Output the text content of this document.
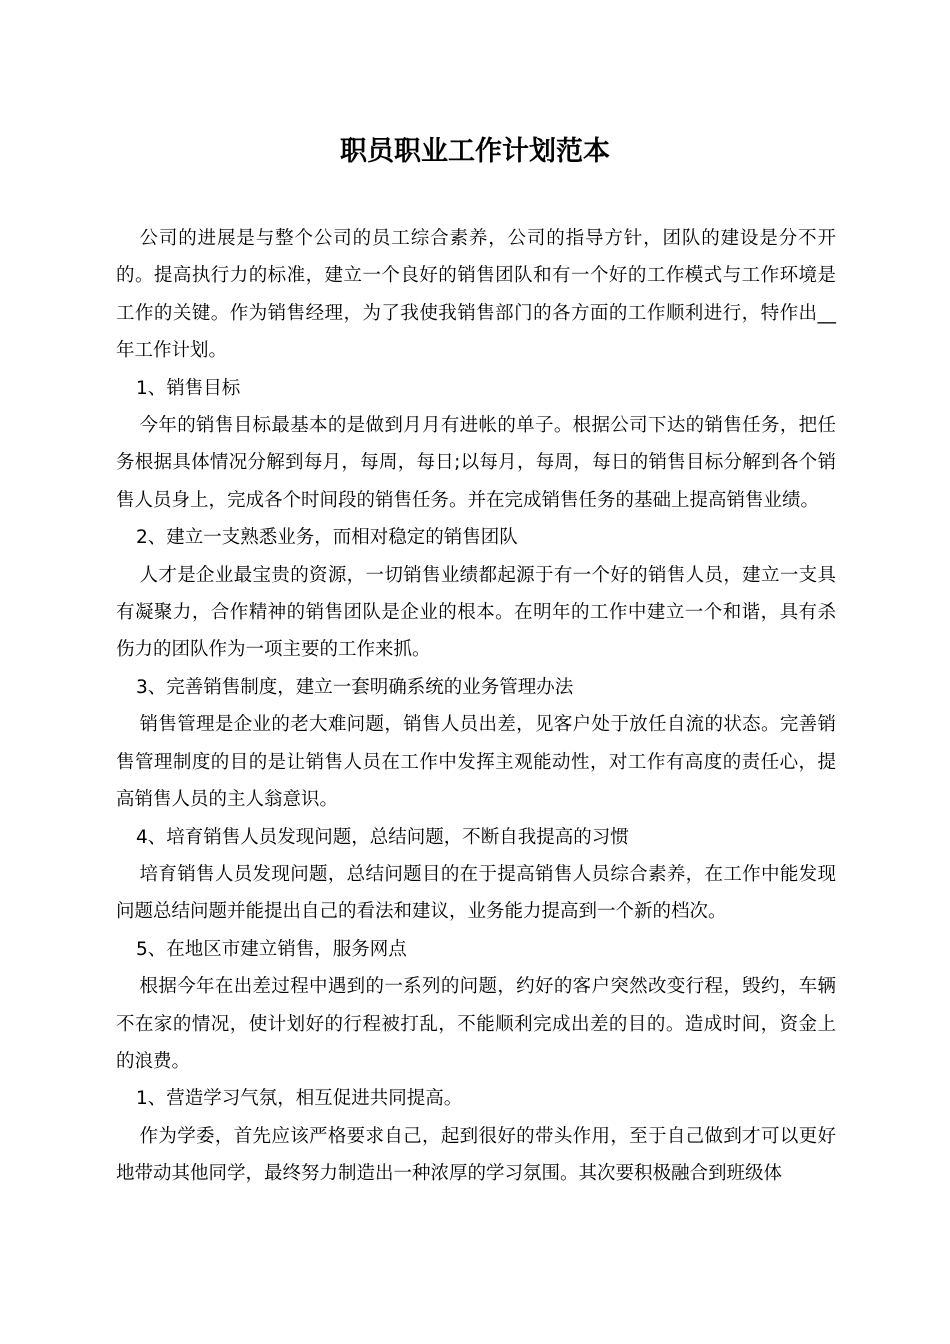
职员职业工作计划范本

公司的进展是与整个公司的员工综合素养，公司的指导方针，团队的建设是分不开的。提高执行力的标准，建立一个良好的销售团队和有一个好的工作模式与工作环境是工作的关键。作为销售经理，为了我使我销售部门的各方面的工作顺利进行，特作出__年工作计划。

1、销售目标

今年的销售目标最基本的是做到月月有进帐的单子。根据公司下达的销售任务，把任务根据具体情况分解到每月，每周，每日;以每月，每周，每日的销售目标分解到各个销售人员身上，完成各个时间段的销售任务。并在完成销售任务的基础上提高销售业绩。

2、建立一支熟悉业务，而相对稳定的销售团队

人才是企业最宝贵的资源，一切销售业绩都起源于有一个好的销售人员，建立一支具有凝聚力，合作精神的销售团队是企业的根本。在明年的工作中建立一个和谐，具有杀伤力的团队作为一项主要的工作来抓。

3、完善销售制度，建立一套明确系统的业务管理办法

销售管理是企业的老大难问题，销售人员出差，见客户处于放任自流的状态。完善销售管理制度的目的是让销售人员在工作中发挥主观能动性，对工作有高度的责任心，提高销售人员的主人翁意识。

4、培育销售人员发现问题，总结问题，不断自我提高的习惯

培育销售人员发现问题，总结问题目的在于提高销售人员综合素养，在工作中能发现问题总结问题并能提出自己的看法和建议，业务能力提高到一个新的档次。

5、在地区市建立销售，服务网点

根据今年在出差过程中遇到的一系列的问题，约好的客户突然改变行程，毁约，车辆不在家的情况，使计划好的行程被打乱，不能顺利完成出差的目的。造成时间，资金上的浪费。

1、营造学习气氛，相互促进共同提高。

作为学委，首先应该严格要求自己，起到很好的带头作用，至于自己做到才可以更好地带动其他同学，最终努力制造出一种浓厚的学习氛围。其次要积极融合到班级体
